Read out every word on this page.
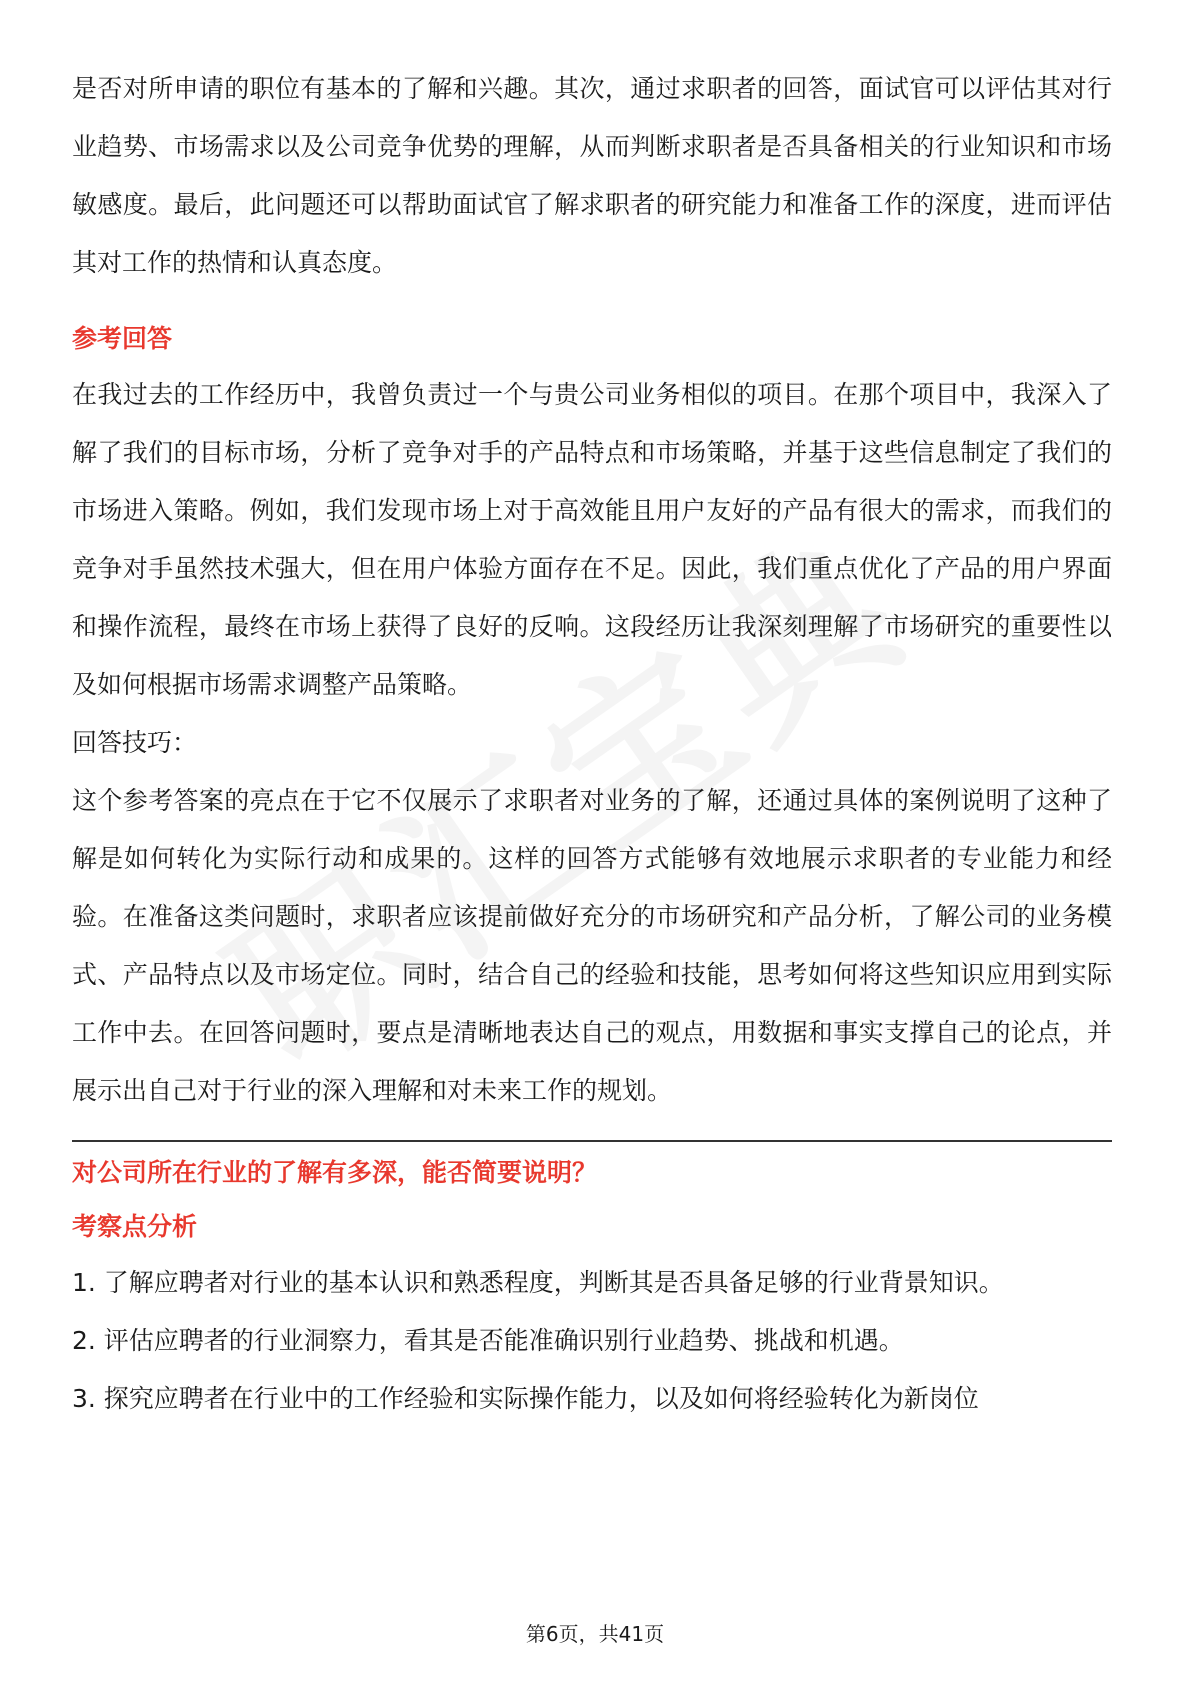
是否对所申请的职位有基本的了解和兴趣。其次，通过求职者的回答，面试官可以评估其对行业趋势、市场需求以及公司竞争优势的理解，从而判断求职者是否具备相关的行业知识和市场敏感度。最后，此问题还可以帮助面试官了解求职者的研究能力和准备工作的深度，进而评估其对工作的热情和认真态度。

参考回答

在我过去的工作经历中，我曾负责过一个与贵公司业务相似的项目。在那个项目中，我深入了解了我们的目标市场，分析了竞争对手的产品特点和市场策略，并基于这些信息制定了我们的市场进入策略。例如，我们发现市场上对于高效能且用户友好的产品有很大的需求，而我们的竞争对手虽然技术强大，但在用户体验方面存在不足。因此，我们重点优化了产品的用户界面和操作流程，最终在市场上获得了良好的反响。这段经历让我深刻理解了市场研究的重要性以及如何根据市场需求调整产品策略。

回答技巧：

这个参考答案的亮点在于它不仅展示了求职者对业务的了解，还通过具体的案例说明了这种了解是如何转化为实际行动和成果的。这样的回答方式能够有效地展示求职者的专业能力和经验。在准备这类问题时，求职者应该提前做好充分的市场研究和产品分析，了解公司的业务模式、产品特点以及市场定位。同时，结合自己的经验和技能，思考如何将这些知识应用到实际工作中去。在回答问题时，要点是清晰地表达自己的观点，用数据和事实支撑自己的论点，并展示出自己对于行业的深入理解和对未来工作的规划。

对公司所在行业的了解有多深，能否简要说明？

考察点分析

1. 了解应聘者对行业的基本认识和熟悉程度，判断其是否具备足够的行业背景知识。
2. 评估应聘者的行业洞察力，看其是否能准确识别行业趋势、挑战和机遇。
3. 探究应聘者在行业中的工作经验和实际操作能力，以及如何将经验转化为新岗位
第6页，共41页
